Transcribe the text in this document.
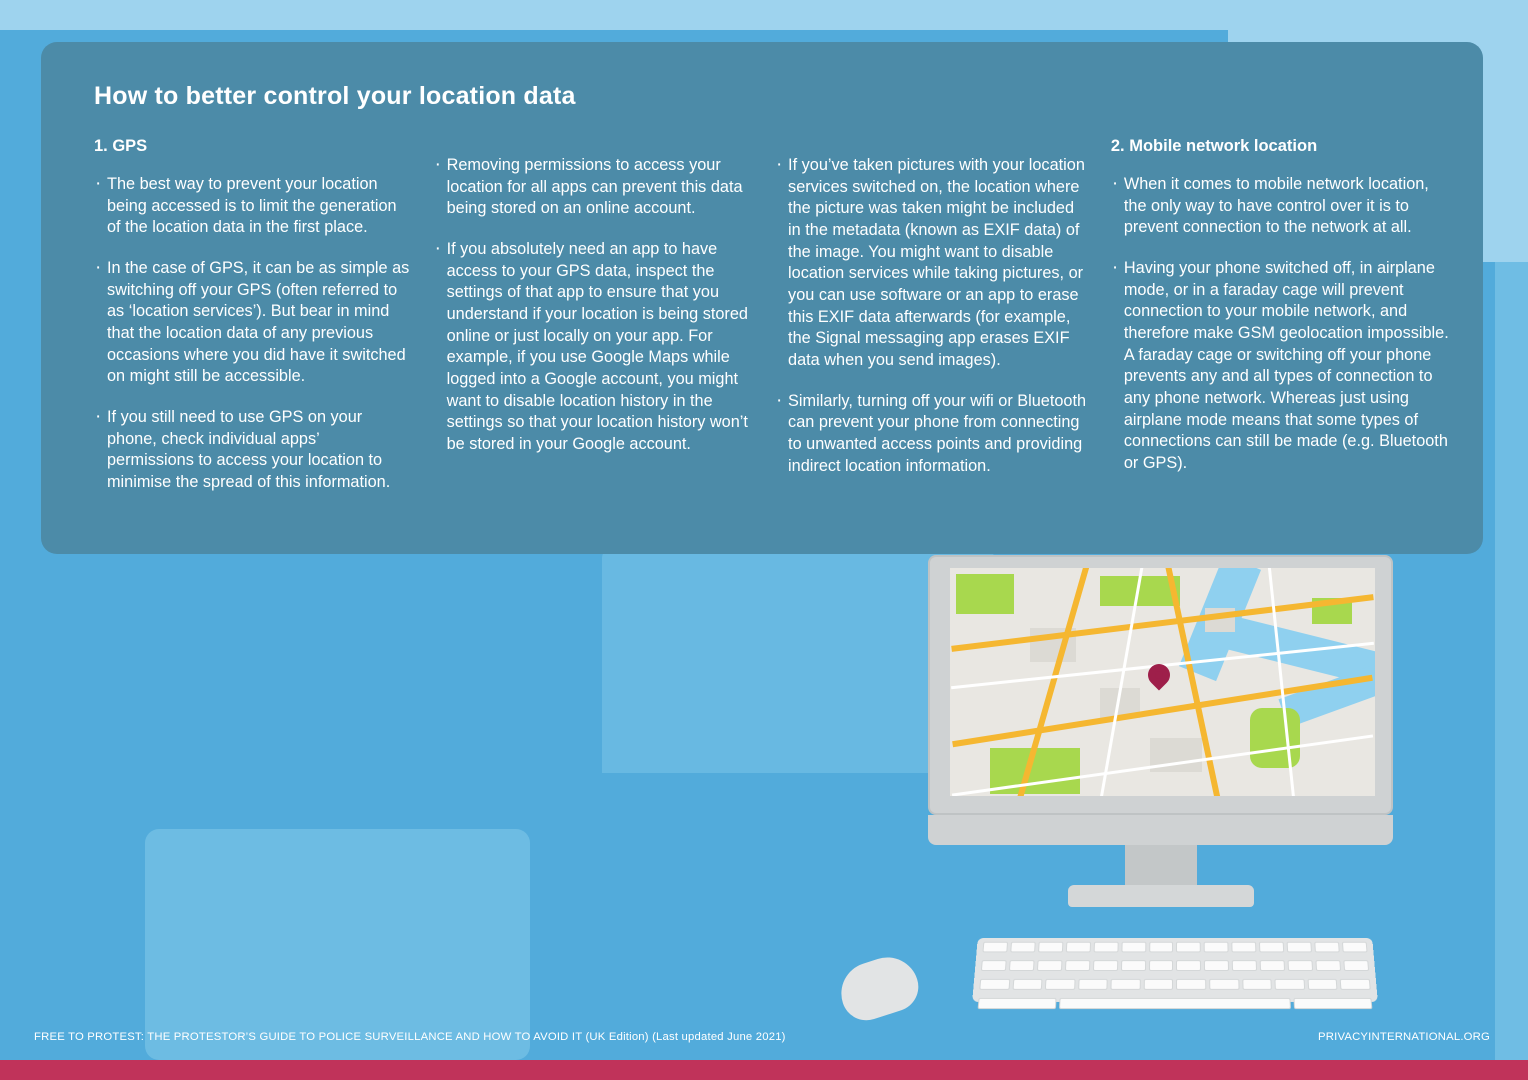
How to better control your location data
1. GPS
· The best way to prevent your location being accessed is to limit the generation of the location data in the first place.
· In the case of GPS, it can be as simple as switching off your GPS (often referred to as ‘location services’). But bear in mind that the location data of any previous occasions where you did have it switched on might still be accessible.
· If you still need to use GPS on your phone, check individual apps’ permissions to access your location to minimise the spread of this information.
· Removing permissions to access your location for all apps can prevent this data being stored on an online account.
· If you absolutely need an app to have access to your GPS data, inspect the settings of that app to ensure that you understand if your location is being stored online or just locally on your app. For example, if you use Google Maps while logged into a Google account, you might want to disable location history in the settings so that your location history won’t be stored in your Google account.
· If you’ve taken pictures with your location services switched on, the location where the picture was taken might be included in the metadata (known as EXIF data) of the image. You might want to disable location services while taking pictures, or you can use software or an app to erase this EXIF data afterwards (for example, the Signal messaging app erases EXIF data when you send images).
· Similarly, turning off your wifi or Bluetooth can prevent your phone from connecting to unwanted access points and providing indirect location information.
2. Mobile network location
· When it comes to mobile network location, the only way to have control over it is to prevent connection to the network at all.
· Having your phone switched off, in airplane mode, or in a faraday cage will prevent connection to your mobile network, and therefore make GSM geolocation impossible. A faraday cage or switching off your phone prevents any and all types of connection to any phone network. Whereas just using airplane mode means that some types of connections can still be made (e.g. Bluetooth or GPS).
FREE TO PROTEST: THE PROTESTOR’S GUIDE TO POLICE SURVEILLANCE AND HOW TO AVOID IT (UK Edition) (Last updated June 2021)	PRIVACYINTERNATIONAL.ORG
